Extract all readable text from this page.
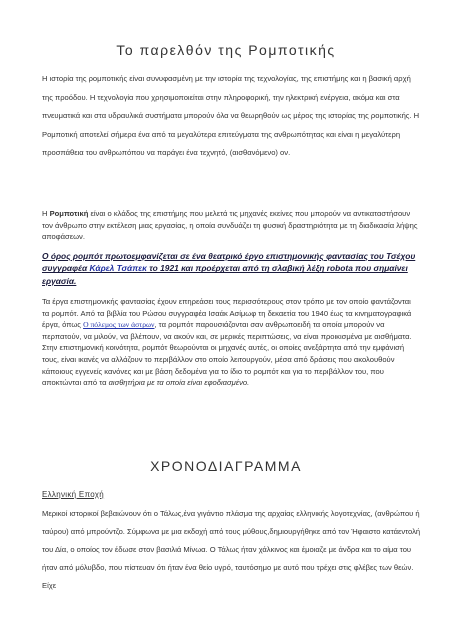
Το παρελθόν της Ρομποτικής
Η ιστορία της ρομποτικής είναι συνυφασμένη με την ιστορία της τεχνολογίας, της επιστήμης και η βασική αρχή της προόδου. Η τεχνολογία που χρησιμοποιείται στην πληροφορική, την ηλεκτρική ενέργεια, ακόμα και στα πνευματικά και στα υδραυλικά συστήματα μπορούν όλα να θεωρηθούν ως μέρος της ιστορίας της ρομποτικής. Η Ρομποτική αποτελεί σήμερα ένα από τα μεγαλύτερα επιτεύγματα της ανθρωπότητας και είναι η μεγαλύτερη προσπάθεια του ανθρωπόπου να παράγει ένα τεχνητό, (αισθανόμενο) ον.
Η Ρομποτική είναι ο κλάδος της επιστήμης που μελετά τις μηχανές εκείνες που μπορούν να αντικαταστήσουν τον άνθρωπο στην εκτέλεση μιας εργασίας, η οποία συνδυάζει τη φυσική δραστηριότητα με τη διαδικασία λήψης αποφάσεων.
Ο όρος ρομπότ πρωτοεμφανίζεται σε ένα θεατρικό έργο επιστημονικής φαντασίας του Τσέχου συγγραφέα Κάρελ Τσάπεκ το 1921 και προέρχεται από τη σλαβική λέξη robota που σημαίνει εργασία.
Τα έργα επιστημονικής φαντασίας έχουν επηρεάσει τους περισσότερους στον τρόπο με τον οποίο φαντάζονται τα ρομπότ. Από τα βιβλία του Ρώσου συγγραφέα Ισαάκ Ασίμωφ τη δεκαετία του 1940 έως τα κινηματογραφικά έργα, όπως Ο πόλεμος των άστρων, τα ρομπότ παρουσιάζονται σαν ανθρωποειδή τα οποία μπορούν να περπατούν, να μιλούν, να βλέπουν, να ακούν και, σε μερικές περιπτώσεις, να είναι προικισμένα με αισθήματα. Στην επιστημονική κοινότητα, ρομπότ θεωρούνται οι μηχανές αυτές, οι οποίες ανεξάρτητα από την εμφάνισή τους, είναι ικανές να αλλάζουν το περιβάλλον στο οποίο λειτουργούν, μέσα από δράσεις που ακολουθούν κάποιους εγγενείς κανόνες και με βάση δεδομένα για το ίδιο το ρομπότ και για το περιβάλλον του, που αποκτώνται από τα αισθητήρια με τα οποία είναι εφοδιασμένο.
ΧΡΟΝΟΔΙΑΓΡΑΜΜΑ
Ελληνική Εποχή
Μερικοί ιστορικοί βεβαιώνουν ότι ο Τάλως,ένα γιγάντιο πλάσμα της αρχαίας ελληνικής λογοτεχνίας, (ανθρώπου ή ταύρου) από μπρούντζο. Σύμφωνα με μια εκδοχή από τους μύθους,δημιουργήθηκε από τον Ήφαιστο κατάεντολή του Δία, ο οποίος τον έδωσε στον βασιλιά Μίνωα. Ο Τάλως ήταν χάλκινος και έμοιαζε με άνδρα και το αίμα του ήταν από μόλυβδο, που πίστευαν ότι ήταν ένα θείο υγρό, ταυτόσημο με αυτό που τρέχει στις φλέβες των θεών. Είχε
